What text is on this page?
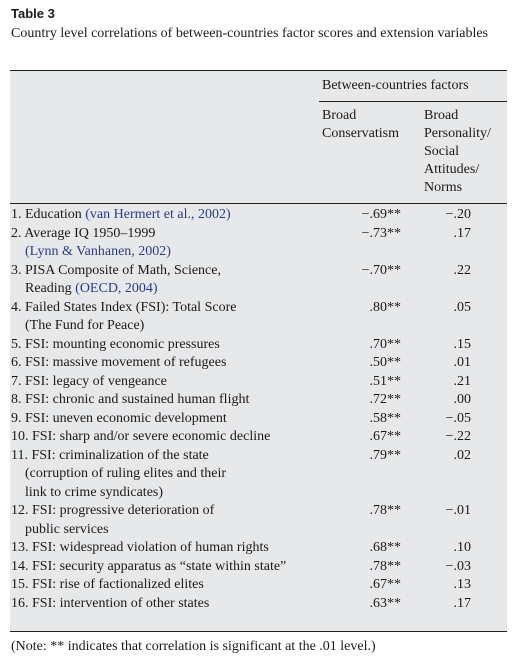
Table 3
Country level correlations of between-countries factor scores and extension variables
Between-countries factors
Broad
Conservatism
Broad
Personality/
Social
Attitudes/
Norms
1. Education (van Hermert et al., 2002)	−.69**	−.20
2. Average IQ 1950–1999
(Lynn & Vanhanen, 2002)
−.73**	.17
3. PISA Composite of Math, Science,
Reading (OECD, 2004)
−.70**	.22
4. Failed States Index (FSI): Total Score
(The Fund for Peace)
.80**	.05
5. FSI: mounting economic pressures	.70**	.15
6. FSI: massive movement of refugees	.50**	.01
7. FSI: legacy of vengeance	.51**	.21
8. FSI: chronic and sustained human flight	.72**	.00
9. FSI: uneven economic development	.58**	−.05
10. FSI: sharp and/or severe economic decline	.67**	−.22
11. FSI: criminalization of the state
(corruption of ruling elites and their
link to crime syndicates)
.79**	.02
12. FSI: progressive deterioration of
public services
.78**	−.01
13. FSI: widespread violation of human rights	.68**	.10
14. FSI: security apparatus as “state within state”	.78**	−.03
15. FSI: rise of factionalized elites	.67**	.13
16. FSI: intervention of other states	.63**	.17
(Note: ** indicates that correlation is significant at the .01 level.)
